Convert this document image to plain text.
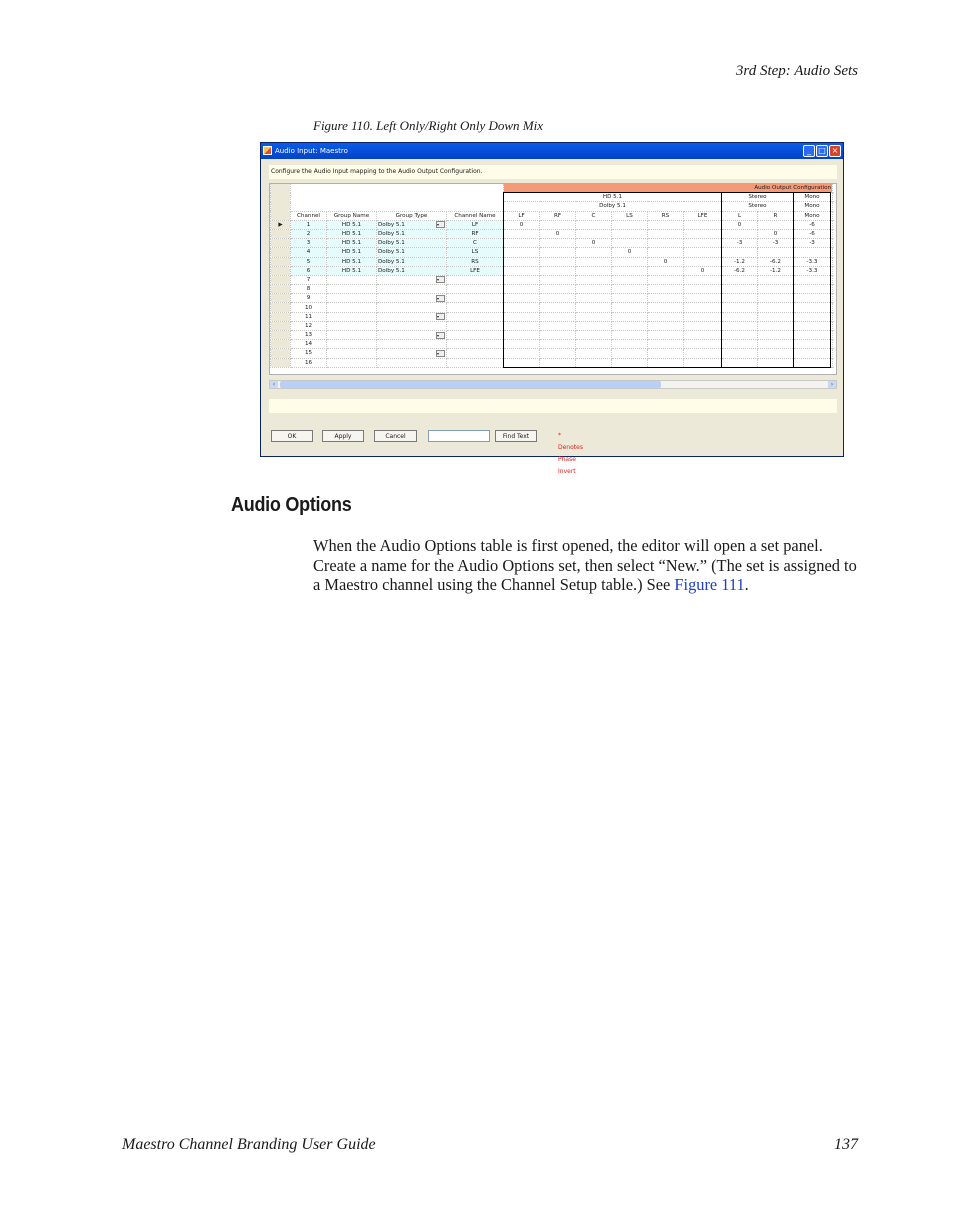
3rd Step: Audio Sets
Figure 110. Left Only/Right Only Down Mix
Audio Input: Maestro	_ □ ×
Configure the Audio Input mapping to the Audio Output Configuration.
					Audio Output Configuration									
					HD 5.1						Stereo		Mono	
					Dolby 5.1						Stereo		Mono	
	Channel	Group Name	Group Type	Channel Name	LF	RF	C	LS	RS	LFE	L	R	Mono	
▶	1	HD 5.1	Dolby 5.1 ▾	LF	0						0		-6	
	2	HD 5.1	Dolby 5.1	RF		0						0	-6	
	3	HD 5.1	Dolby 5.1	C			0				-3	-3	-3	
	4	HD 5.1	Dolby 5.1	LS				0						
	5	HD 5.1	Dolby 5.1	RS					0		-1.2	-6.2	-3.3	
	6	HD 5.1	Dolby 5.1	LFE						0	-6.2	-1.2	-3.3	
	7		▾											

	8													
	9		▾											

	10													
	11		▾											

	12													
	13		▾											

	14													
	15		▾											

	16													
‹	›
OK	Apply	Cancel	Find Text	* Denotes Phase Invert
Audio Options
When the Audio Options table is first opened, the editor will open a set panel. Create a name for the Audio Options set, then select “New.” (The set is assigned to a Maestro channel using the Channel Setup table.) See Figure 111.
Maestro Channel Branding User Guide	137
